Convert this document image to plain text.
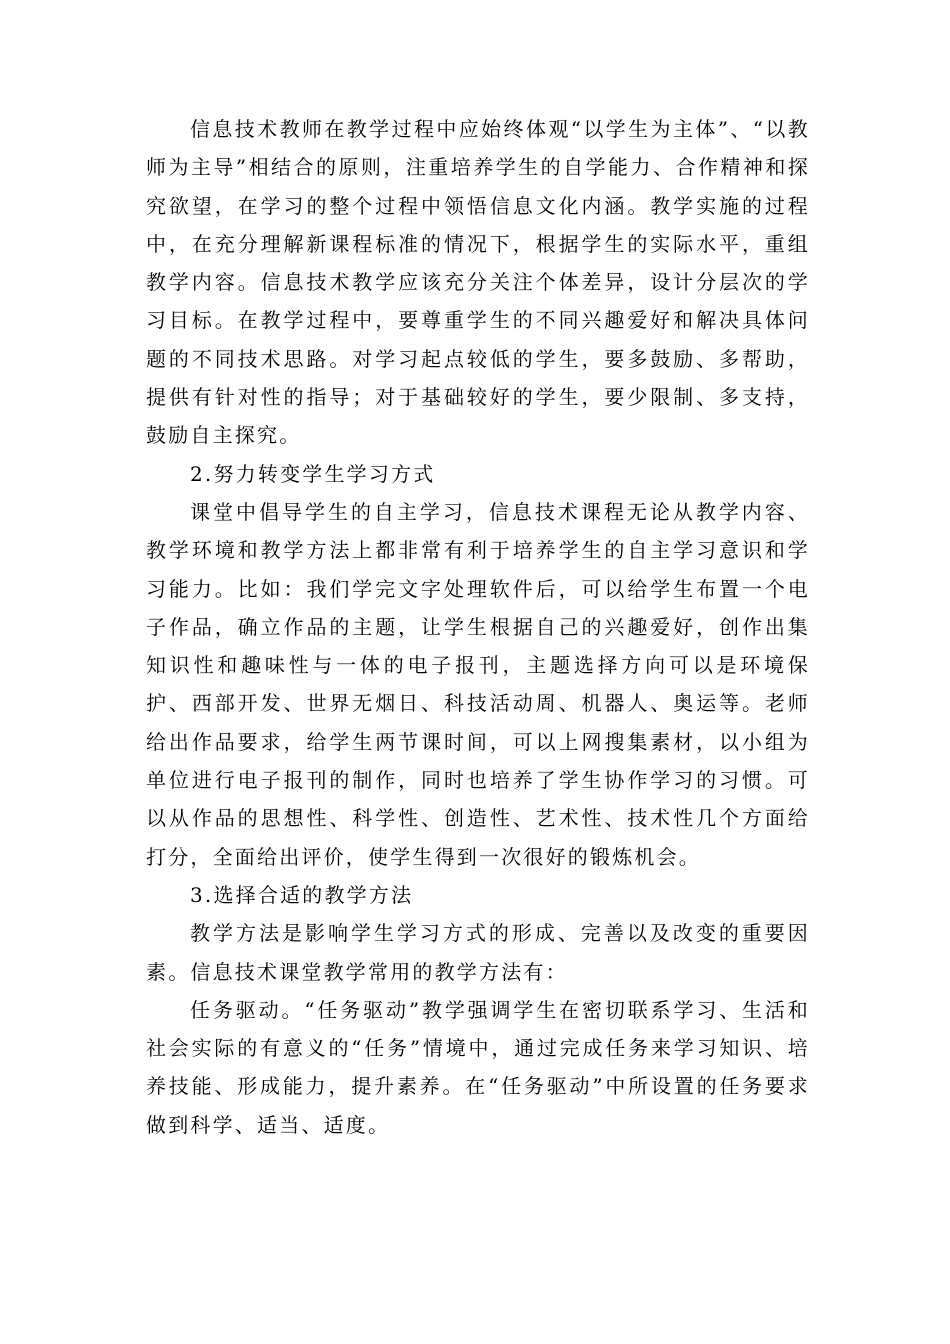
信息技术教师在教学过程中应始终体观“以学生为主体”、“以教师为主导”相结合的原则，注重培养学生的自学能力、合作精神和探究欲望，在学习的整个过程中领悟信息文化内涵。教学实施的过程中，在充分理解新课程标准的情况下，根据学生的实际水平，重组教学内容。信息技术教学应该充分关注个体差异，设计分层次的学习目标。在教学过程中，要尊重学生的不同兴趣爱好和解决具体问题的不同技术思路。对学习起点较低的学生，要多鼓励、多帮助，提供有针对性的指导；对于基础较好的学生，要少限制、多支持，鼓励自主探究。

2.努力转变学生学习方式

课堂中倡导学生的自主学习，信息技术课程无论从教学内容、教学环境和教学方法上都非常有利于培养学生的自主学习意识和学习能力。比如：我们学完文字处理软件后，可以给学生布置一个电子作品，确立作品的主题，让学生根据自己的兴趣爱好，创作出集知识性和趣味性与一体的电子报刊，主题选择方向可以是环境保护、西部开发、世界无烟日、科技活动周、机器人、奥运等。老师给出作品要求，给学生两节课时间，可以上网搜集素材，以小组为单位进行电子报刊的制作，同时也培养了学生协作学习的习惯。可以从作品的思想性、科学性、创造性、艺术性、技术性几个方面给打分，全面给出评价，使学生得到一次很好的锻炼机会。

3.选择合适的教学方法

教学方法是影响学生学习方式的形成、完善以及改变的重要因素。信息技术课堂教学常用的教学方法有：

任务驱动。“任务驱动”教学强调学生在密切联系学习、生活和社会实际的有意义的“任务”情境中，通过完成任务来学习知识、培养技能、形成能力，提升素养。在“任务驱动”中所设置的任务要求做到科学、适当、适度。
